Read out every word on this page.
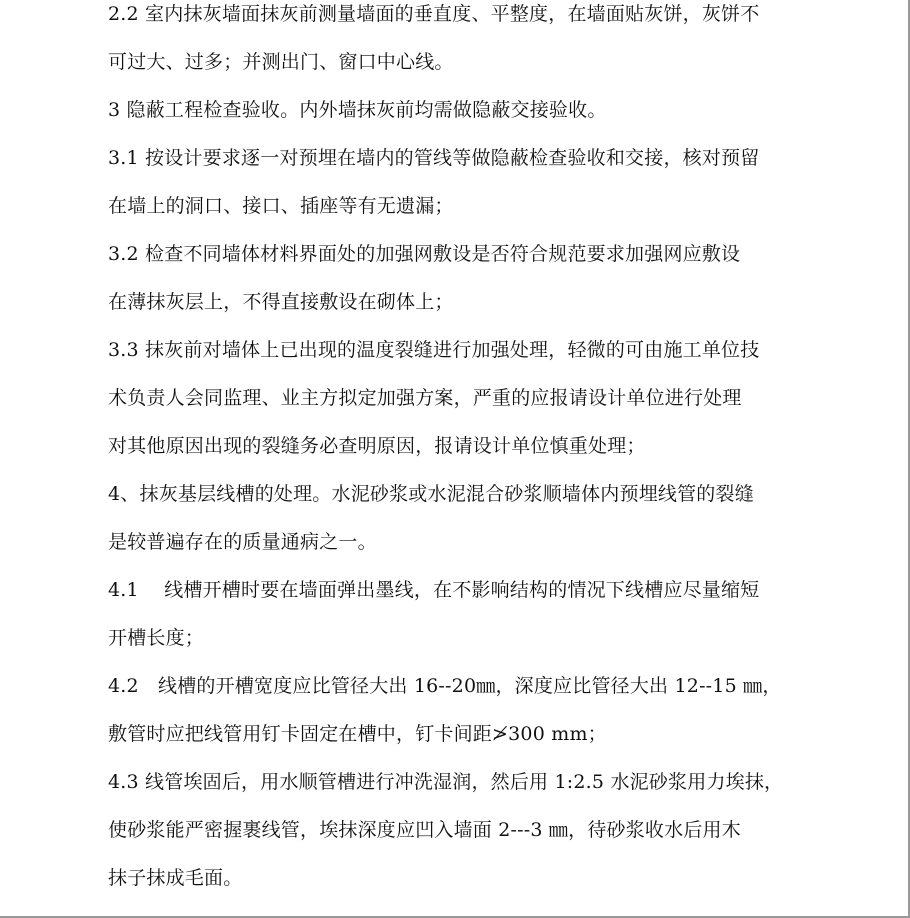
2.2 室内抹灰墙面抹灰前测量墙面的垂直度、平整度，在墙面贴灰饼，灰饼不
可过大、过多；并测出门、窗口中心线。
3 隐蔽工程检查验收。内外墙抹灰前均需做隐蔽交接验收。
3.1 按设计要求逐一对预埋在墙内的管线等做隐蔽检查验收和交接，核对预留
在墙上的洞口、接口、插座等有无遗漏；
3.2 检查不同墙体材料界面处的加强网敷设是否符合规范要求加强网应敷设
在薄抹灰层上，不得直接敷设在砌体上；
3.3 抹灰前对墙体上已出现的温度裂缝进行加强处理，轻微的可由施工单位技
术负责人会同监理、业主方拟定加强方案，严重的应报请设计单位进行处理
对其他原因出现的裂缝务必查明原因，报请设计单位慎重处理；
4、抹灰基层线槽的处理。水泥砂浆或水泥混合砂浆顺墙体内预埋线管的裂缝
是较普遍存在的质量通病之一。
4.1　 线槽开槽时要在墙面弹出墨线，在不影响结构的情况下线槽应尽量缩短
开槽长度；
4.2　线槽的开槽宽度应比管径大出 16--20㎜，深度应比管径大出 12--15 ㎜，
敷管时应把线管用钉卡固定在槽中，钉卡间距≯300 mm；
4.3 线管埃固后，用水顺管槽进行冲洗湿润，然后用 1:2.5 水泥砂浆用力埃抹，
使砂浆能严密握裹线管，埃抹深度应凹入墙面 2---3 ㎜，待砂浆收水后用木
抹子抹成毛面。
